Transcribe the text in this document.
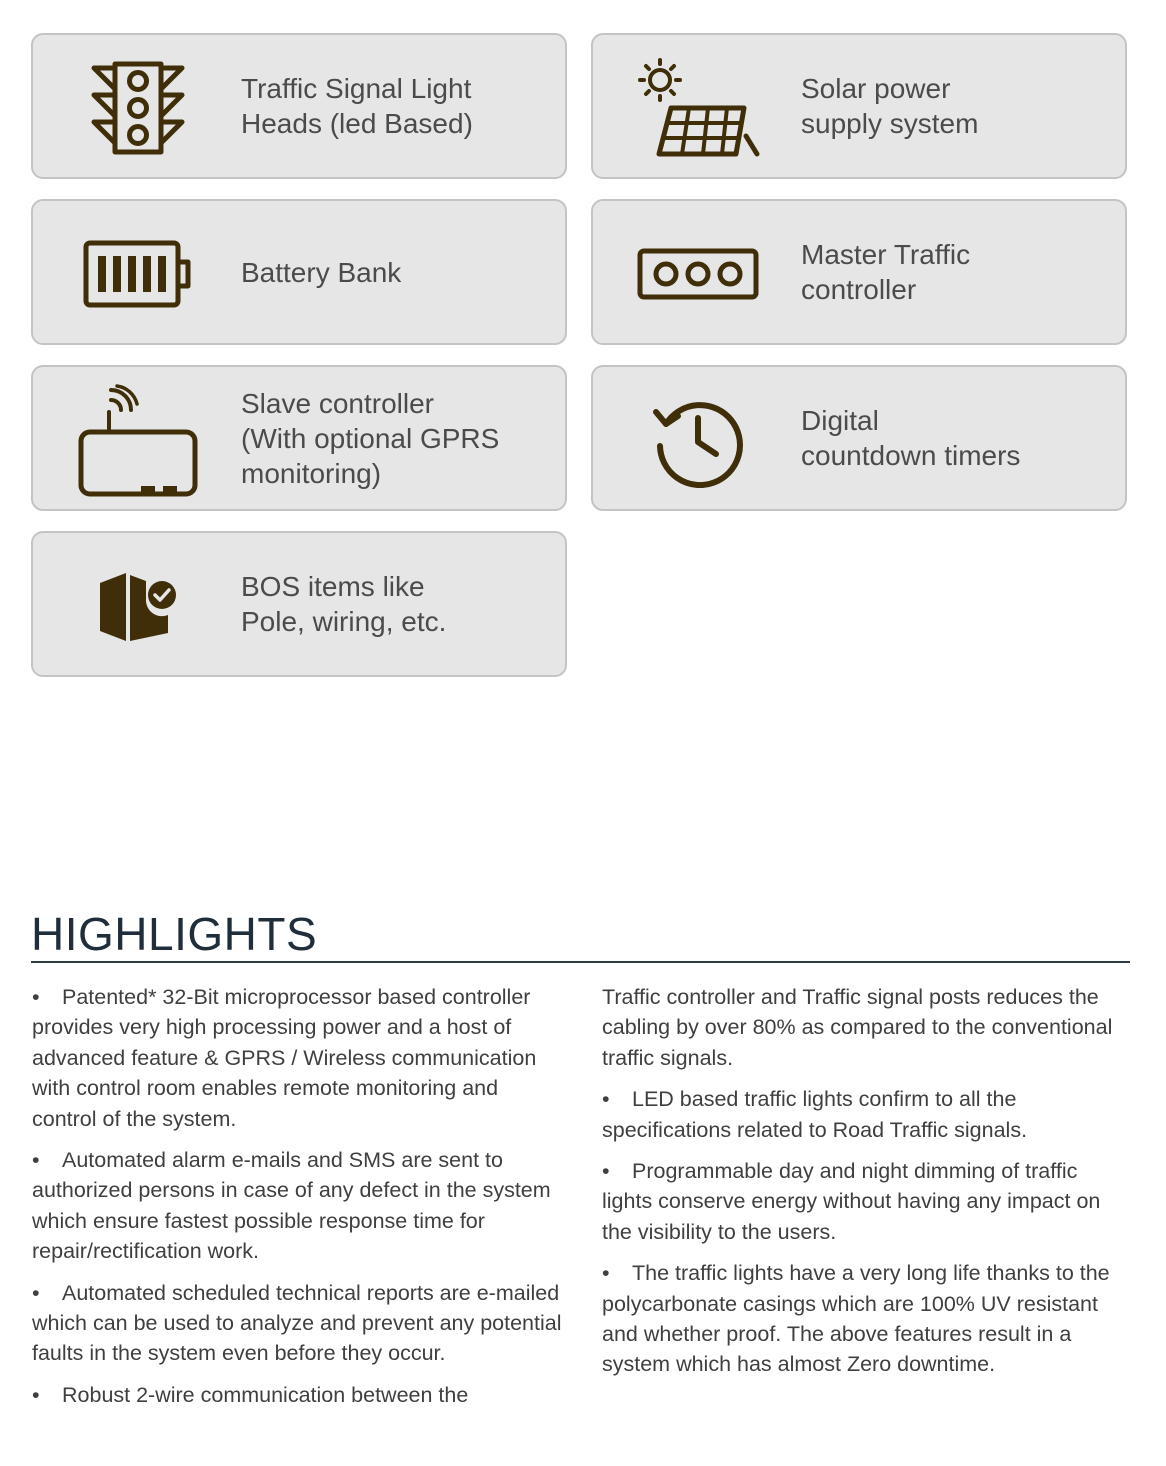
Traffic Signal Light
Heads (led Based)
Solar power
supply system
Battery Bank
Master Traffic
controller
Slave controller
(With optional GPRS
monitoring)
Digital
countdown timers
BOS items like
Pole, wiring, etc.
HIGHLIGHTS

• Patented* 32-Bit microprocessor based controller provides very high processing power and a host of advanced feature & GPRS / Wireless communication with control room enables remote monitoring and control of the system.

• Automated alarm e-mails and SMS are sent to authorized persons in case of any defect in the system which ensure fastest possible response time for repair/rectification work.

• Automated scheduled technical reports are e-mailed which can be used to analyze and prevent any potential faults in the system even before they occur.

• Robust 2-wire communication between the

Traffic controller and Traffic signal posts reduces the cabling by over 80% as compared to the conventional traffic signals.

• LED based traffic lights confirm to all the specifications related to Road Traffic signals.

• Programmable day and night dimming of traffic lights conserve energy without having any impact on the visibility to the users.

• The traffic lights have a very long life thanks to the polycarbonate casings which are 100% UV resistant and whether proof. The above features result in a system which has almost Zero downtime.
